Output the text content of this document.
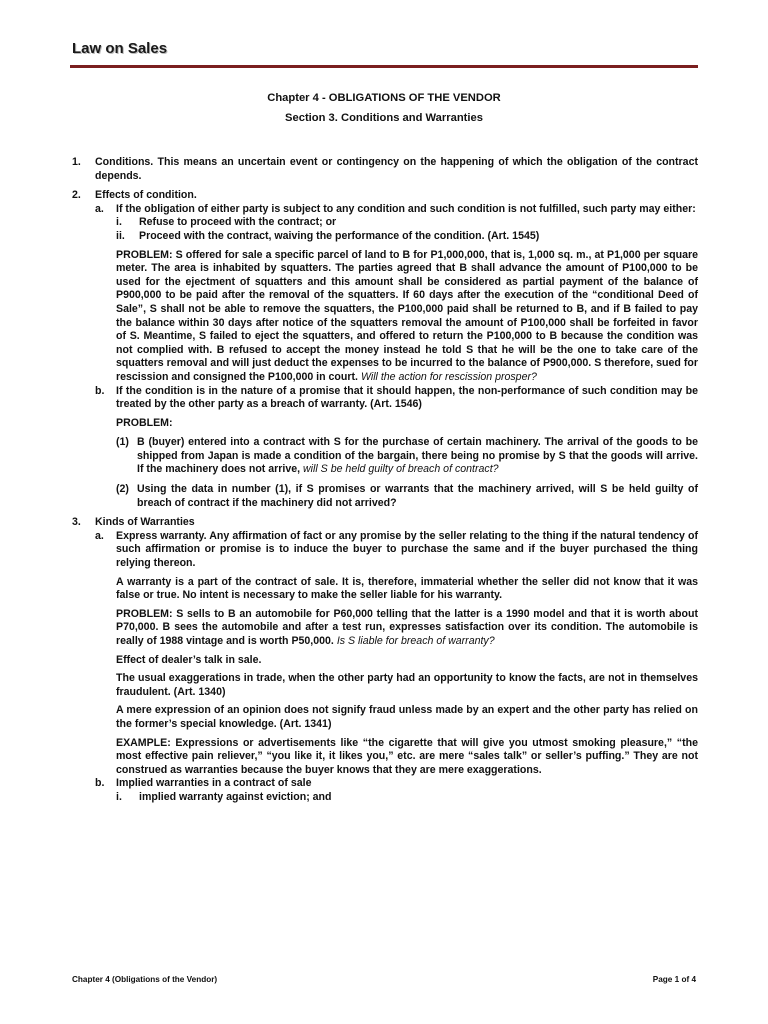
Law on Sales
Chapter 4 - OBLIGATIONS OF THE VENDOR
Section 3. Conditions and Warranties
1.	Conditions. This means an uncertain event or contingency on the happening of which the obligation of the contract depends.
2.	Effects of condition.
a.	If the obligation of either party is subject to any condition and such condition is not fulfilled, such party may either:
i.	Refuse to proceed with the contract; or
ii.	Proceed with the contract, waiving the performance of the condition. (Art. 1545)
PROBLEM: S offered for sale a specific parcel of land to B for P1,000,000, that is, 1,000 sq. m., at P1,000 per square meter. The area is inhabited by squatters. The parties agreed that B shall advance the amount of P100,000 to be used for the ejectment of squatters and this amount shall be considered as partial payment of the balance of P900,000 to be paid after the removal of the squatters. If 60 days after the execution of the “conditional Deed of Sale”, S shall not be able to remove the squatters, the P100,000 paid shall be returned to B, and if B failed to pay the balance within 30 days after notice of the squatters removal the amount of P100,000 shall be forfeited in favor of S. Meantime, S failed to eject the squatters, and offered to return the P100,000 to B because the condition was not complied with. B refused to accept the money instead he told S that he will be the one to take care of the squatters removal and will just deduct the expenses to be incurred to the balance of P900,000. S therefore, sued for rescission and consigned the P100,000 in court. Will the action for rescission prosper?
b.	If the condition is in the nature of a promise that it should happen, the non-performance of such condition may be treated by the other party as a breach of warranty. (Art. 1546)
PROBLEM:
(1) B (buyer) entered into a contract with S for the purchase of certain machinery. The arrival of the goods to be shipped from Japan is made a condition of the bargain, there being no promise by S that the goods will arrive. If the machinery does not arrive, will S be held guilty of breach of contract?
(2) Using the data in number (1), if S promises or warrants that the machinery arrived, will S be held guilty of breach of contract if the machinery did not arrived?
3.	Kinds of Warranties
a.	Express warranty. Any affirmation of fact or any promise by the seller relating to the thing if the natural tendency of such affirmation or promise is to induce the buyer to purchase the same and if the buyer purchased the thing relying thereon.
A warranty is a part of the contract of sale. It is, therefore, immaterial whether the seller did not know that it was false or true. No intent is necessary to make the seller liable for his warranty.
PROBLEM: S sells to B an automobile for P60,000 telling that the latter is a 1990 model and that it is worth about P70,000. B sees the automobile and after a test run, expresses satisfaction over its condition. The automobile is really of 1988 vintage and is worth P50,000. Is S liable for breach of warranty?
Effect of dealer’s talk in sale.
The usual exaggerations in trade, when the other party had an opportunity to know the facts, are not in themselves fraudulent. (Art. 1340)
A mere expression of an opinion does not signify fraud unless made by an expert and the other party has relied on the former’s special knowledge. (Art. 1341)
EXAMPLE: Expressions or advertisements like “the cigarette that will give you utmost smoking pleasure,” “the most effective pain reliever,” “you like it, it likes you,” etc. are mere “sales talk” or seller’s puffing.” They are not construed as warranties because the buyer knows that they are mere exaggerations.
b.	Implied warranties in a contract of sale
i.	implied warranty against eviction; and
Chapter 4 (Obligations of the Vendor)	Page 1 of 4
